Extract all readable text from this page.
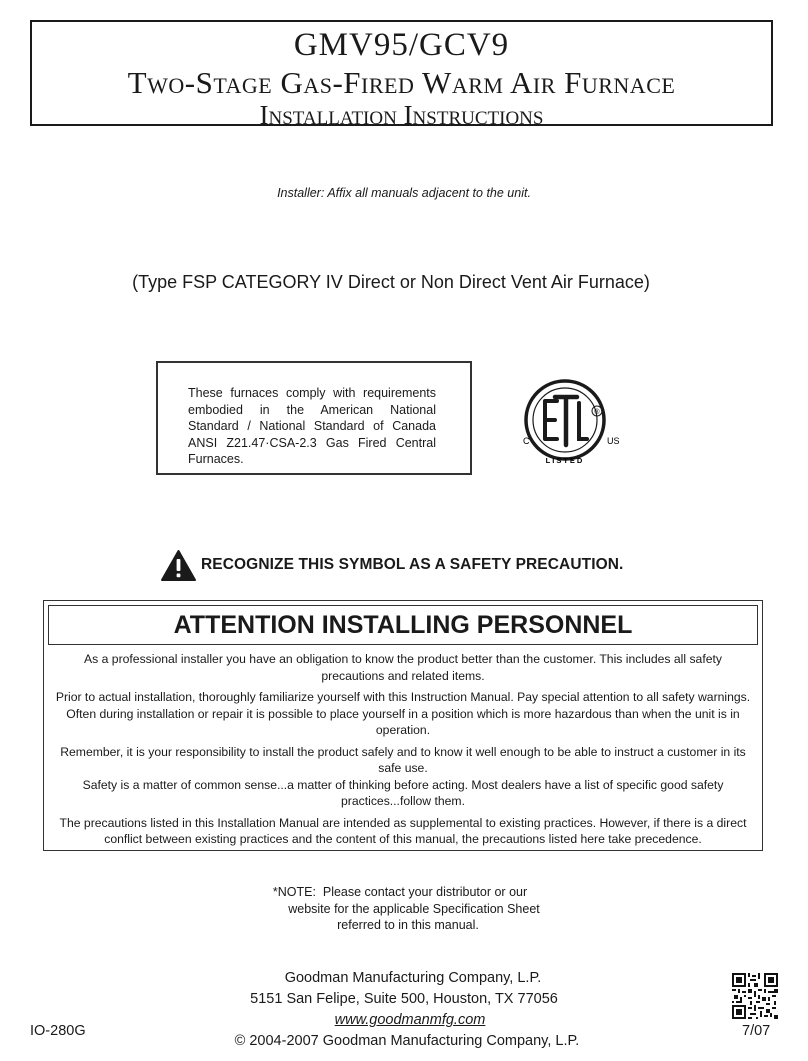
GMV95/GCV9
Two-Stage Gas-Fired Warm Air Furnace
Installation Instructions
Installer: Affix all manuals adjacent to the unit.
(Type FSP CATEGORY IV Direct or Non Direct Vent Air Furnace)
These furnaces comply with requirements embodied in the American National Standard / National Standard of Canada ANSI Z21.47·CSA-2.3 Gas Fired Central Furnaces.
®
C	US
LISTED
ETL
RECOGNIZE THIS SYMBOL AS A SAFETY PRECAUTION.
ATTENTION INSTALLING PERSONNEL

As a professional installer you have an obligation to know the product better than the customer. This includes all safety precautions and related items.

Prior to actual installation, thoroughly familiarize yourself with this Instruction Manual. Pay special attention to all safety warnings. Often during installation or repair it is possible to place yourself in a position which is more hazardous than when the unit is in operation.

Remember, it is your responsibility to install the product safely and to know it well enough to be able to instruct a customer in its safe use.

Safety is a matter of common sense...a matter of thinking before acting. Most dealers have a list of specific good safety practices...follow them.

The precautions listed in this Installation Manual are intended as supplemental to existing practices. However, if there is a direct conflict between existing practices and the content of this manual, the precautions listed here take precedence.

*NOTE:  Please contact your distributor or our
website for the applicable Specification Sheet
referred to in this manual.
Goodman Manufacturing Company, L.P.
5151 San Felipe, Suite 500, Houston, TX 77056
www.goodmanmfg.com
© 2004-2007 Goodman Manufacturing Company, L.P.
IO-280G	7/07
